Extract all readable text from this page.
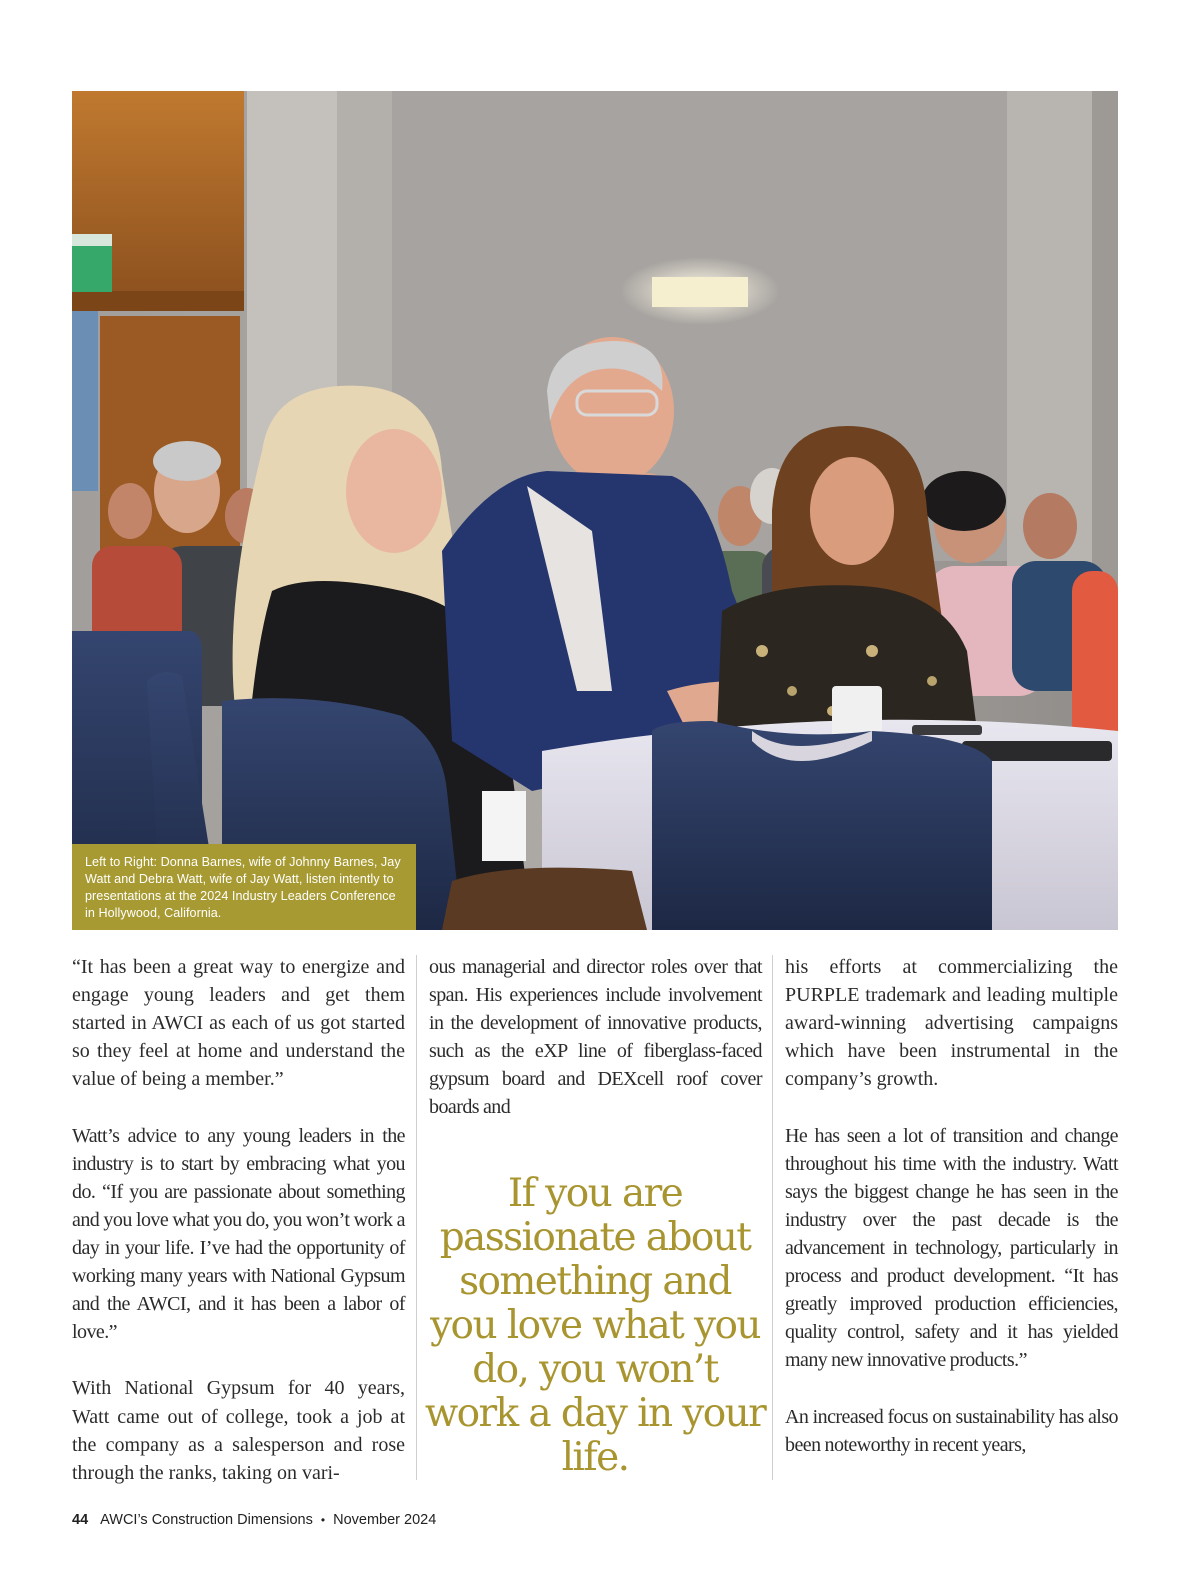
Left to Right: Donna Barnes, wife of Johnny Barnes, Jay Watt and Debra Watt, wife of Jay Watt, listen intently to presentations at the 2024 Industry Leaders Conference in Hollywood, California.

“It has been a great way to energize and engage young leaders and get them started in AWCI as each of us got started so they feel at home and understand the value of being a member.”

Watt’s advice to any young leaders in the industry is to start by embracing what you do. “If you are passionate about something and you love what you do, you won’t work a day in your life. I’ve had the opportunity of working many years with National Gypsum and the AWCI, and it has been a labor of love.”

With National Gypsum for 40 years, Watt came out of college, took a job at the company as a salesperson and rose through the ranks, taking on vari-

ous managerial and director roles over that span. His experiences include involvement in the development of innovative products, such as the eXP line of fiberglass-faced gypsum board and DEXcell roof cover boards and

If you are passionate about something and you love what you do, you won’t work a day in your life.

his efforts at commercializing the PURPLE trademark and leading multiple award-winning advertising campaigns which have been instrumental in the company’s growth.

He has seen a lot of transition and change throughout his time with the industry. Watt says the biggest change he has seen in the industry over the past decade is the advancement in technology, particularly in process and product development. “It has greatly improved production efficiencies, quality control, safety and it has yielded many new innovative products.”

An increased focus on sustainability has also been noteworthy in recent years,

44 AWCI’s Construction Dimensions • November 2024
